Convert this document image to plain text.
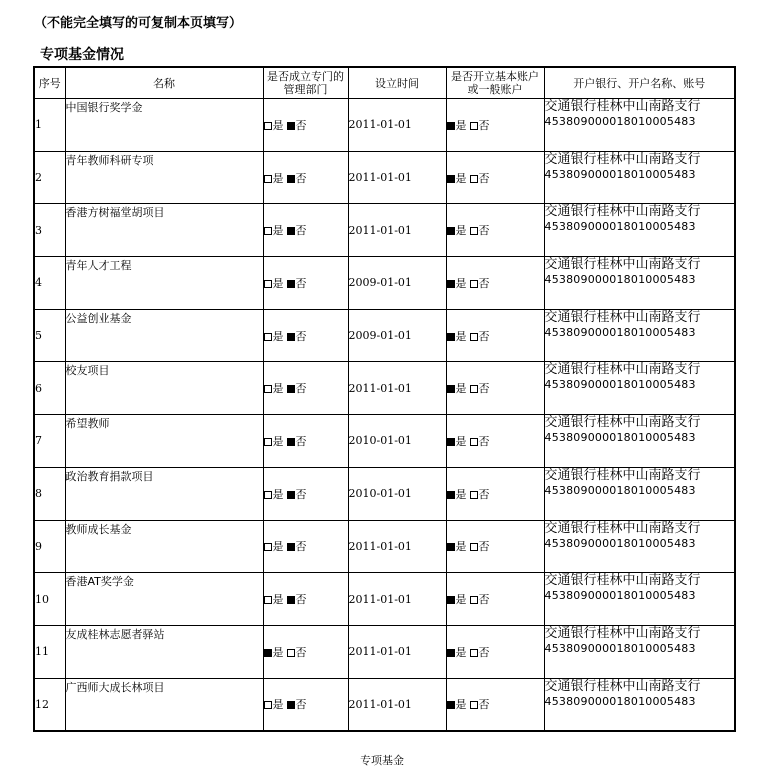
（不能完全填写的可复制本页填写）
专项基金情况
序号	名称	是否成立专门的管理部门	设立时间	是否开立基本账户或一般账户	开户银行、开户名称、账号
1	中国银行奖学金	是 否	2011-01-01	是 否	交通银行桂林中山南路支行
453809000018010005483

2	青年教师科研专项	是 否	2011-01-01	是 否	交通银行桂林中山南路支行
453809000018010005483

3	香港方树福堂胡项目	是 否	2011-01-01	是 否	交通银行桂林中山南路支行
453809000018010005483

4	青年人才工程	是 否	2009-01-01	是 否	交通银行桂林中山南路支行
453809000018010005483

5	公益创业基金	是 否	2009-01-01	是 否	交通银行桂林中山南路支行
453809000018010005483

6	校友项目	是 否	2011-01-01	是 否	交通银行桂林中山南路支行
453809000018010005483

7	希望教师	是 否	2010-01-01	是 否	交通银行桂林中山南路支行
453809000018010005483

8	政治教育捐款项目	是 否	2010-01-01	是 否	交通银行桂林中山南路支行
453809000018010005483

9	教师成长基金	是 否	2011-01-01	是 否	交通银行桂林中山南路支行
453809000018010005483

10	香港AT奖学金	是 否	2011-01-01	是 否	交通银行桂林中山南路支行
453809000018010005483

11	友成桂林志愿者驿站	是 否	2011-01-01	是 否	交通银行桂林中山南路支行
453809000018010005483

12	广西师大成长林项目	是 否	2011-01-01	是 否	交通银行桂林中山南路支行
453809000018010005483
专项基金
